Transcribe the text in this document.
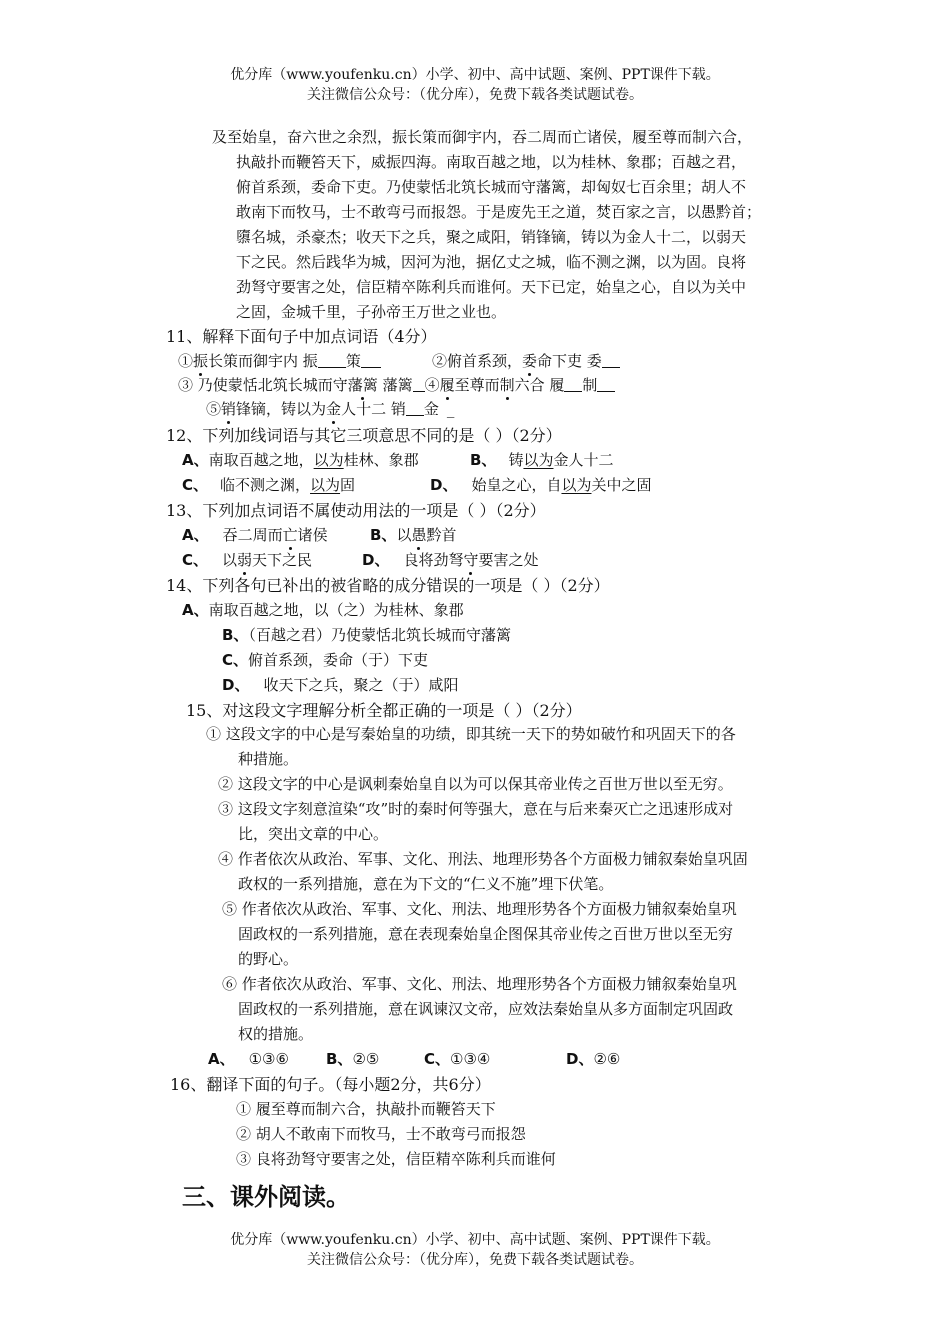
优分库（www.youfenku.cn）小学、初中、高中试题、案例、PPT课件下载。
关注微信公众号：（优分库），免费下载各类试题试卷。
及至始皇，奋六世之余烈，振长策而御宇内，吞二周而亡诸侯，履至尊而制六合，
执敲扑而鞭笞天下，威振四海。南取百越之地，以为桂林、象郡；百越之君，
俯首系颈，委命下吏。乃使蒙恬北筑长城而守藩篱，却匈奴七百余里；胡人不
敢南下而牧马，士不敢弯弓而报怨。于是废先王之道，焚百家之言，以愚黔首；
隳名城，杀豪杰；收天下之兵，聚之咸阳，销锋镝，铸以为金人十二，以弱天
下之民。然后践华为城，因河为池，据亿丈之城，临不测之渊，以为固。良将
劲弩守要害之处，信臣精卒陈利兵而谁何。天下已定，始皇之心，自以为关中
之固，金城千里，子孙帝王万世之业也。
11、解释下面句子中加点词语（4分）
①振长策而御宇内 振 策	②俯首系颈，委命下吏 委
③ 乃使蒙恬北筑长城而守藩篱 藩篱 ④履至尊而制六合 履 制
⑤销锋镝，铸以为金人十二 销 金 _
12、下列加线词语与其它三项意思不同的是（ ）（2分）
A、南取百越之地，以为桂林、象郡	B、 铸以为金人十二
C、 临不测之渊，以为固	D、 始皇之心，自以为关中之固
13、下列加点词语不属使动用法的一项是（ ）（2分）
A、 吞二周而亡诸侯	B、以愚黔首
C、 以弱天下之民	D、 良将劲弩守要害之处
14、下列各句已补出的被省略的成分错误的一项是（ ）（2分）
A、南取百越之地，以（之）为桂林、象郡
B、（百越之君）乃使蒙恬北筑长城而守藩篱
C、俯首系颈，委命（于）下吏
D、 收天下之兵，聚之（于）咸阳
15、对这段文字理解分析全都正确的一项是（ ）（2分）
① 这段文字的中心是写秦始皇的功绩，即其统一天下的势如破竹和巩固天下的各
种措施。
② 这段文字的中心是讽刺秦始皇自以为可以保其帝业传之百世万世以至无穷。
③ 这段文字刻意渲染“攻”时的秦时何等强大，意在与后来秦灭亡之迅速形成对
比，突出文章的中心。
④ 作者依次从政治、军事、文化、刑法、地理形势各个方面极力铺叙秦始皇巩固
政权的一系列措施，意在为下文的“仁义不施”埋下伏笔。
⑤ 作者依次从政治、军事、文化、刑法、地理形势各个方面极力铺叙秦始皇巩
固政权的一系列措施，意在表现秦始皇企图保其帝业传之百世万世以至无穷
的野心。
⑥ 作者依次从政治、军事、文化、刑法、地理形势各个方面极力铺叙秦始皇巩
固政权的一系列措施，意在讽谏汉文帝，应效法秦始皇从多方面制定巩固政
权的措施。
A、 ①③⑥ B、②⑤	C、①③④	D、②⑥
16、翻译下面的句子。（每小题2分，共6分）
① 履至尊而制六合，执敲扑而鞭笞天下
② 胡人不敢南下而牧马，士不敢弯弓而报怨
③ 良将劲弩守要害之处，信臣精卒陈利兵而谁何
三、课外阅读。
优分库（www.youfenku.cn）小学、初中、高中试题、案例、PPT课件下载。
关注微信公众号：（优分库），免费下载各类试题试卷。
